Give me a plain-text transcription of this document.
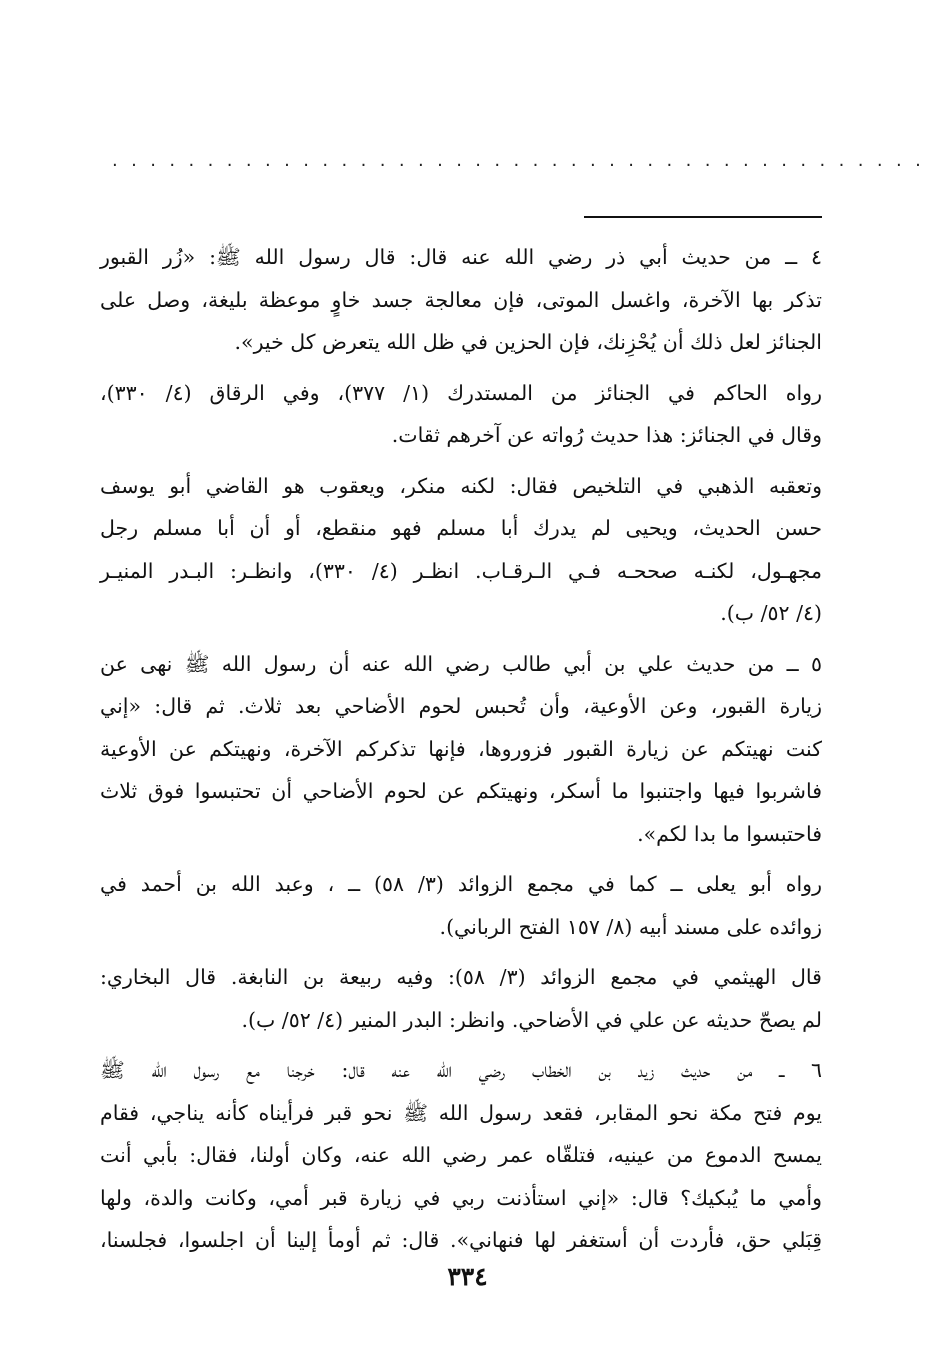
...........................................
٤ ــ من حديث أبي ذر رضي الله عنه قال: قال رسول الله ﷺ: «زُر القبور
تذكر بها الآخرة، واغسل الموتى، فإن معالجة جسد خاوٍ موعظة بليغة، وصل على
الجنائز لعل ذلك أن يُحْزِنك، فإن الحزين في ظل الله يتعرض كل خير».
رواه الحاكم في الجنائز من المستدرك (١/ ٣٧٧)، وفي الرقاق (٤/ ٣٣٠)،
وقال في الجنائز: هذا حديث رُواته عن آخرهم ثقات.
وتعقبه الذهبي في التلخيص فقال: لكنه منكر، ويعقوب هو القاضي أبو يوسف
حسن الحديث، ويحيى لم يدرك أبا مسلم فهو منقطع، أو أن أبا مسلم رجل
مجهـول، لكنـه صححـه فـي الـرقـاب. انظـر (٤/ ٣٣٠)، وانظـر: البـدر المنيـر
(٤/ ٥٢/ ب).
٥ ــ من حديث علي بن أبي طالب رضي الله عنه أن رسول الله ﷺ نهى عن
زيارة القبور، وعن الأوعية، وأن تُحبس لحوم الأضاحي بعد ثلاث. ثم قال: «إني
كنت نهيتكم عن زيارة القبور فزوروها، فإنها تذكركم الآخرة، ونهيتكم عن الأوعية
فاشربوا فيها واجتنبوا ما أسكر، ونهيتكم عن لحوم الأضاحي أن تحتبسوا فوق ثلاث
فاحتبسوا ما بدا لكم».
رواه أبو يعلى ــ كما في مجمع الزوائد (٣/ ٥٨) ــ ، وعبد الله بن أحمد في
زوائده على مسند أبيه (٨/ ١٥٧ الفتح الرباني).
قال الهيثمي في مجمع الزوائد (٣/ ٥٨): وفيه ربيعة بن النابغة. قال البخاري:
لم يصحّ حديثه عن علي في الأضاحي. وانظر: البدر المنير (٤/ ٥٢/ ب).
٦ ــ من حديث زيد بن الخطاب رضي الله عنه قال: خرجنا مع رسول الله ﷺ
يوم فتح مكة نحو المقابر، فقعد رسول الله ﷺ نحو قبر فرأيناه كأنه يناجي، فقام
يمسح الدموع من عينيه، فتلقّاه عمر رضي الله عنه، وكان أولنا، فقال: بأبي أنت
وأمي ما يُبكيك؟ قال: «إني استأذنت ربي في زيارة قبر أمي، وكانت والدة، ولها
قِبَلي حق، فأردت أن أستغفر لها فنهاني». قال: ثم أومأ إلينا أن اجلسوا، فجلسنا،
٣٣٤
